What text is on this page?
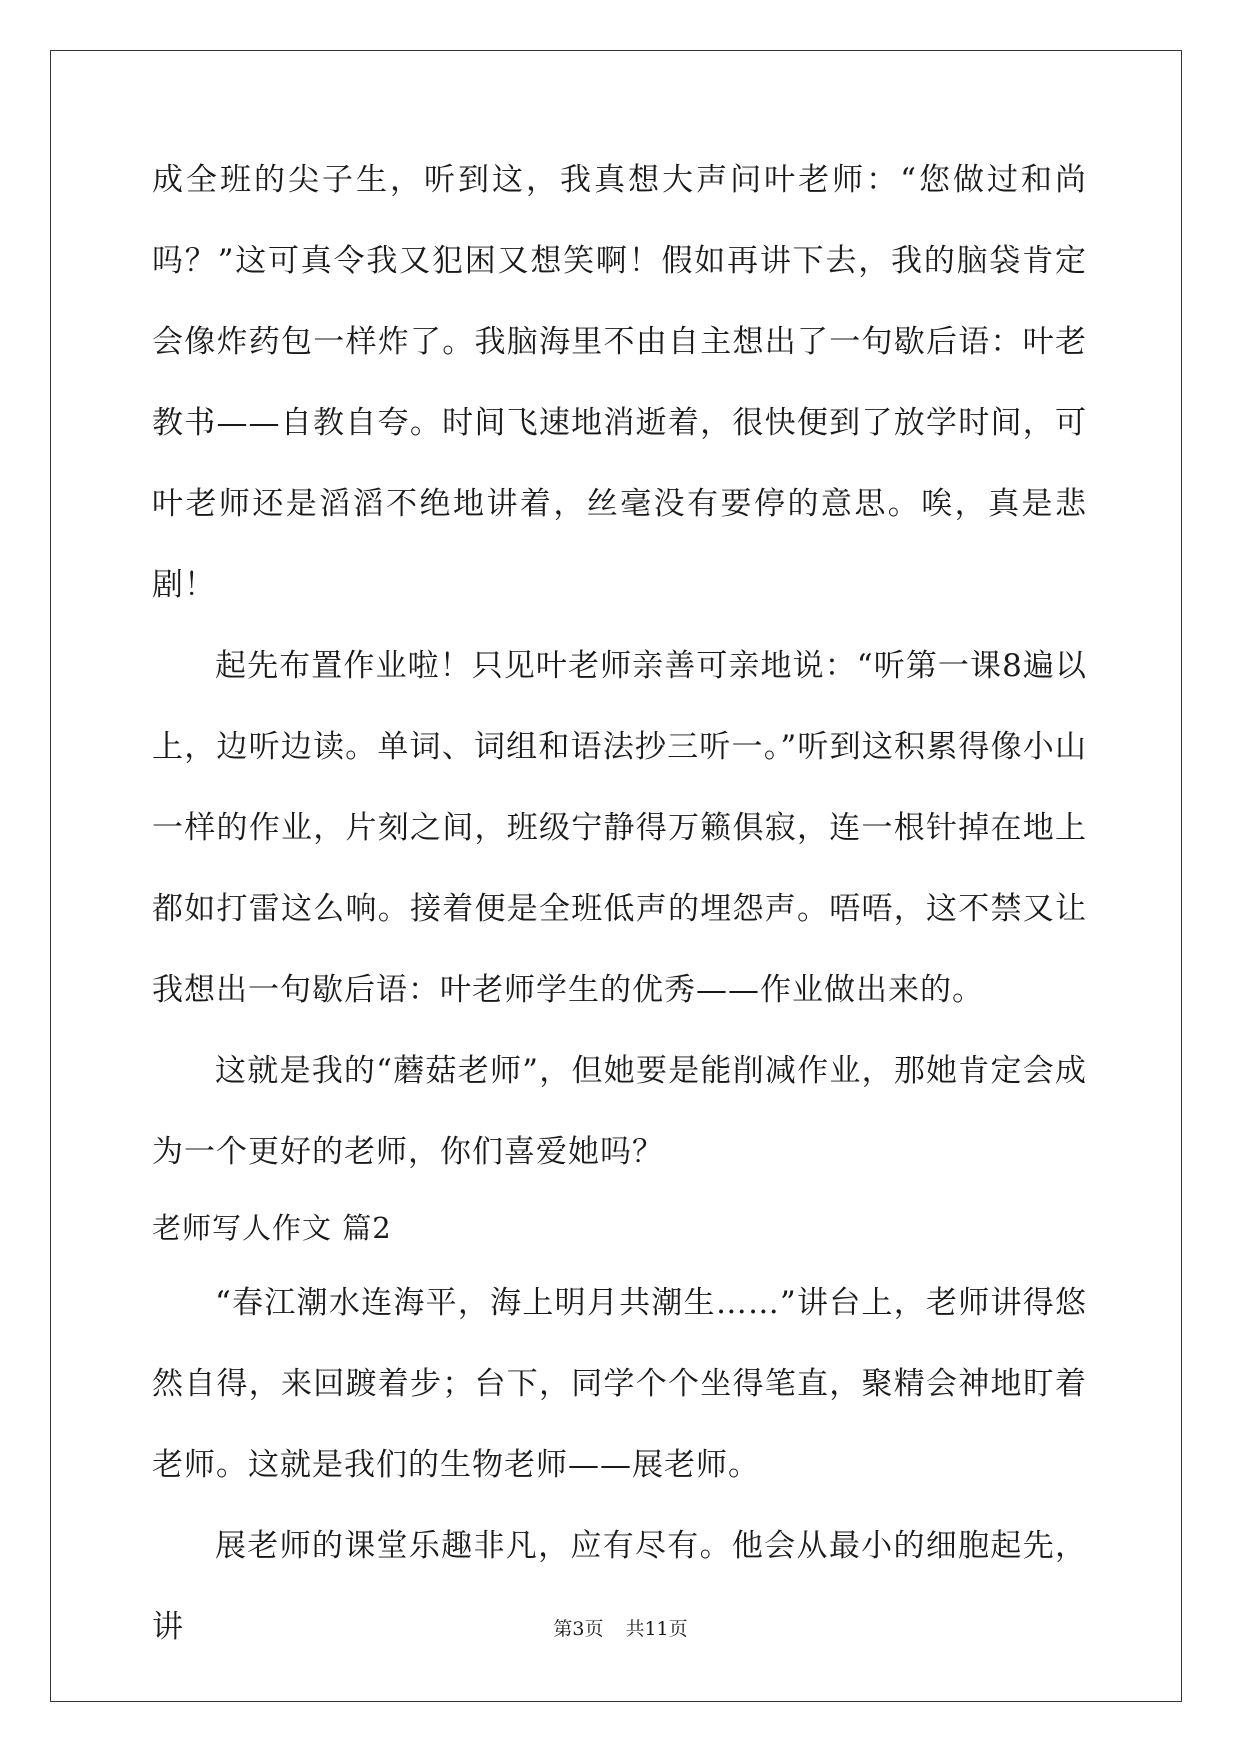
成全班的尖子生，听到这，我真想大声问叶老师：“您做过和尚吗？”这可真令我又犯困又想笑啊！假如再讲下去，我的脑袋肯定会像炸药包一样炸了。我脑海里不由自主想出了一句歇后语：叶老教书——自教自夸。时间飞速地消逝着，很快便到了放学时间，可叶老师还是滔滔不绝地讲着，丝毫没有要停的意思。唉，真是悲剧！

起先布置作业啦！只见叶老师亲善可亲地说：“听第一课8遍以上，边听边读。单词、词组和语法抄三听一。”听到这积累得像小山一样的作业，片刻之间，班级宁静得万籁俱寂，连一根针掉在地上都如打雷这么响。接着便是全班低声的埋怨声。唔唔，这不禁又让我想出一句歇后语：叶老师学生的优秀——作业做出来的。

这就是我的“蘑菇老师”，但她要是能削减作业，那她肯定会成为一个更好的老师，你们喜爱她吗？

老师写人作文 篇2

“春江潮水连海平，海上明月共潮生……”讲台上，老师讲得悠然自得，来回踱着步；台下，同学个个坐得笔直，聚精会神地盯着老师。这就是我们的生物老师——展老师。

展老师的课堂乐趣非凡，应有尽有。他会从最小的细胞起先，讲	第3页 共11页
